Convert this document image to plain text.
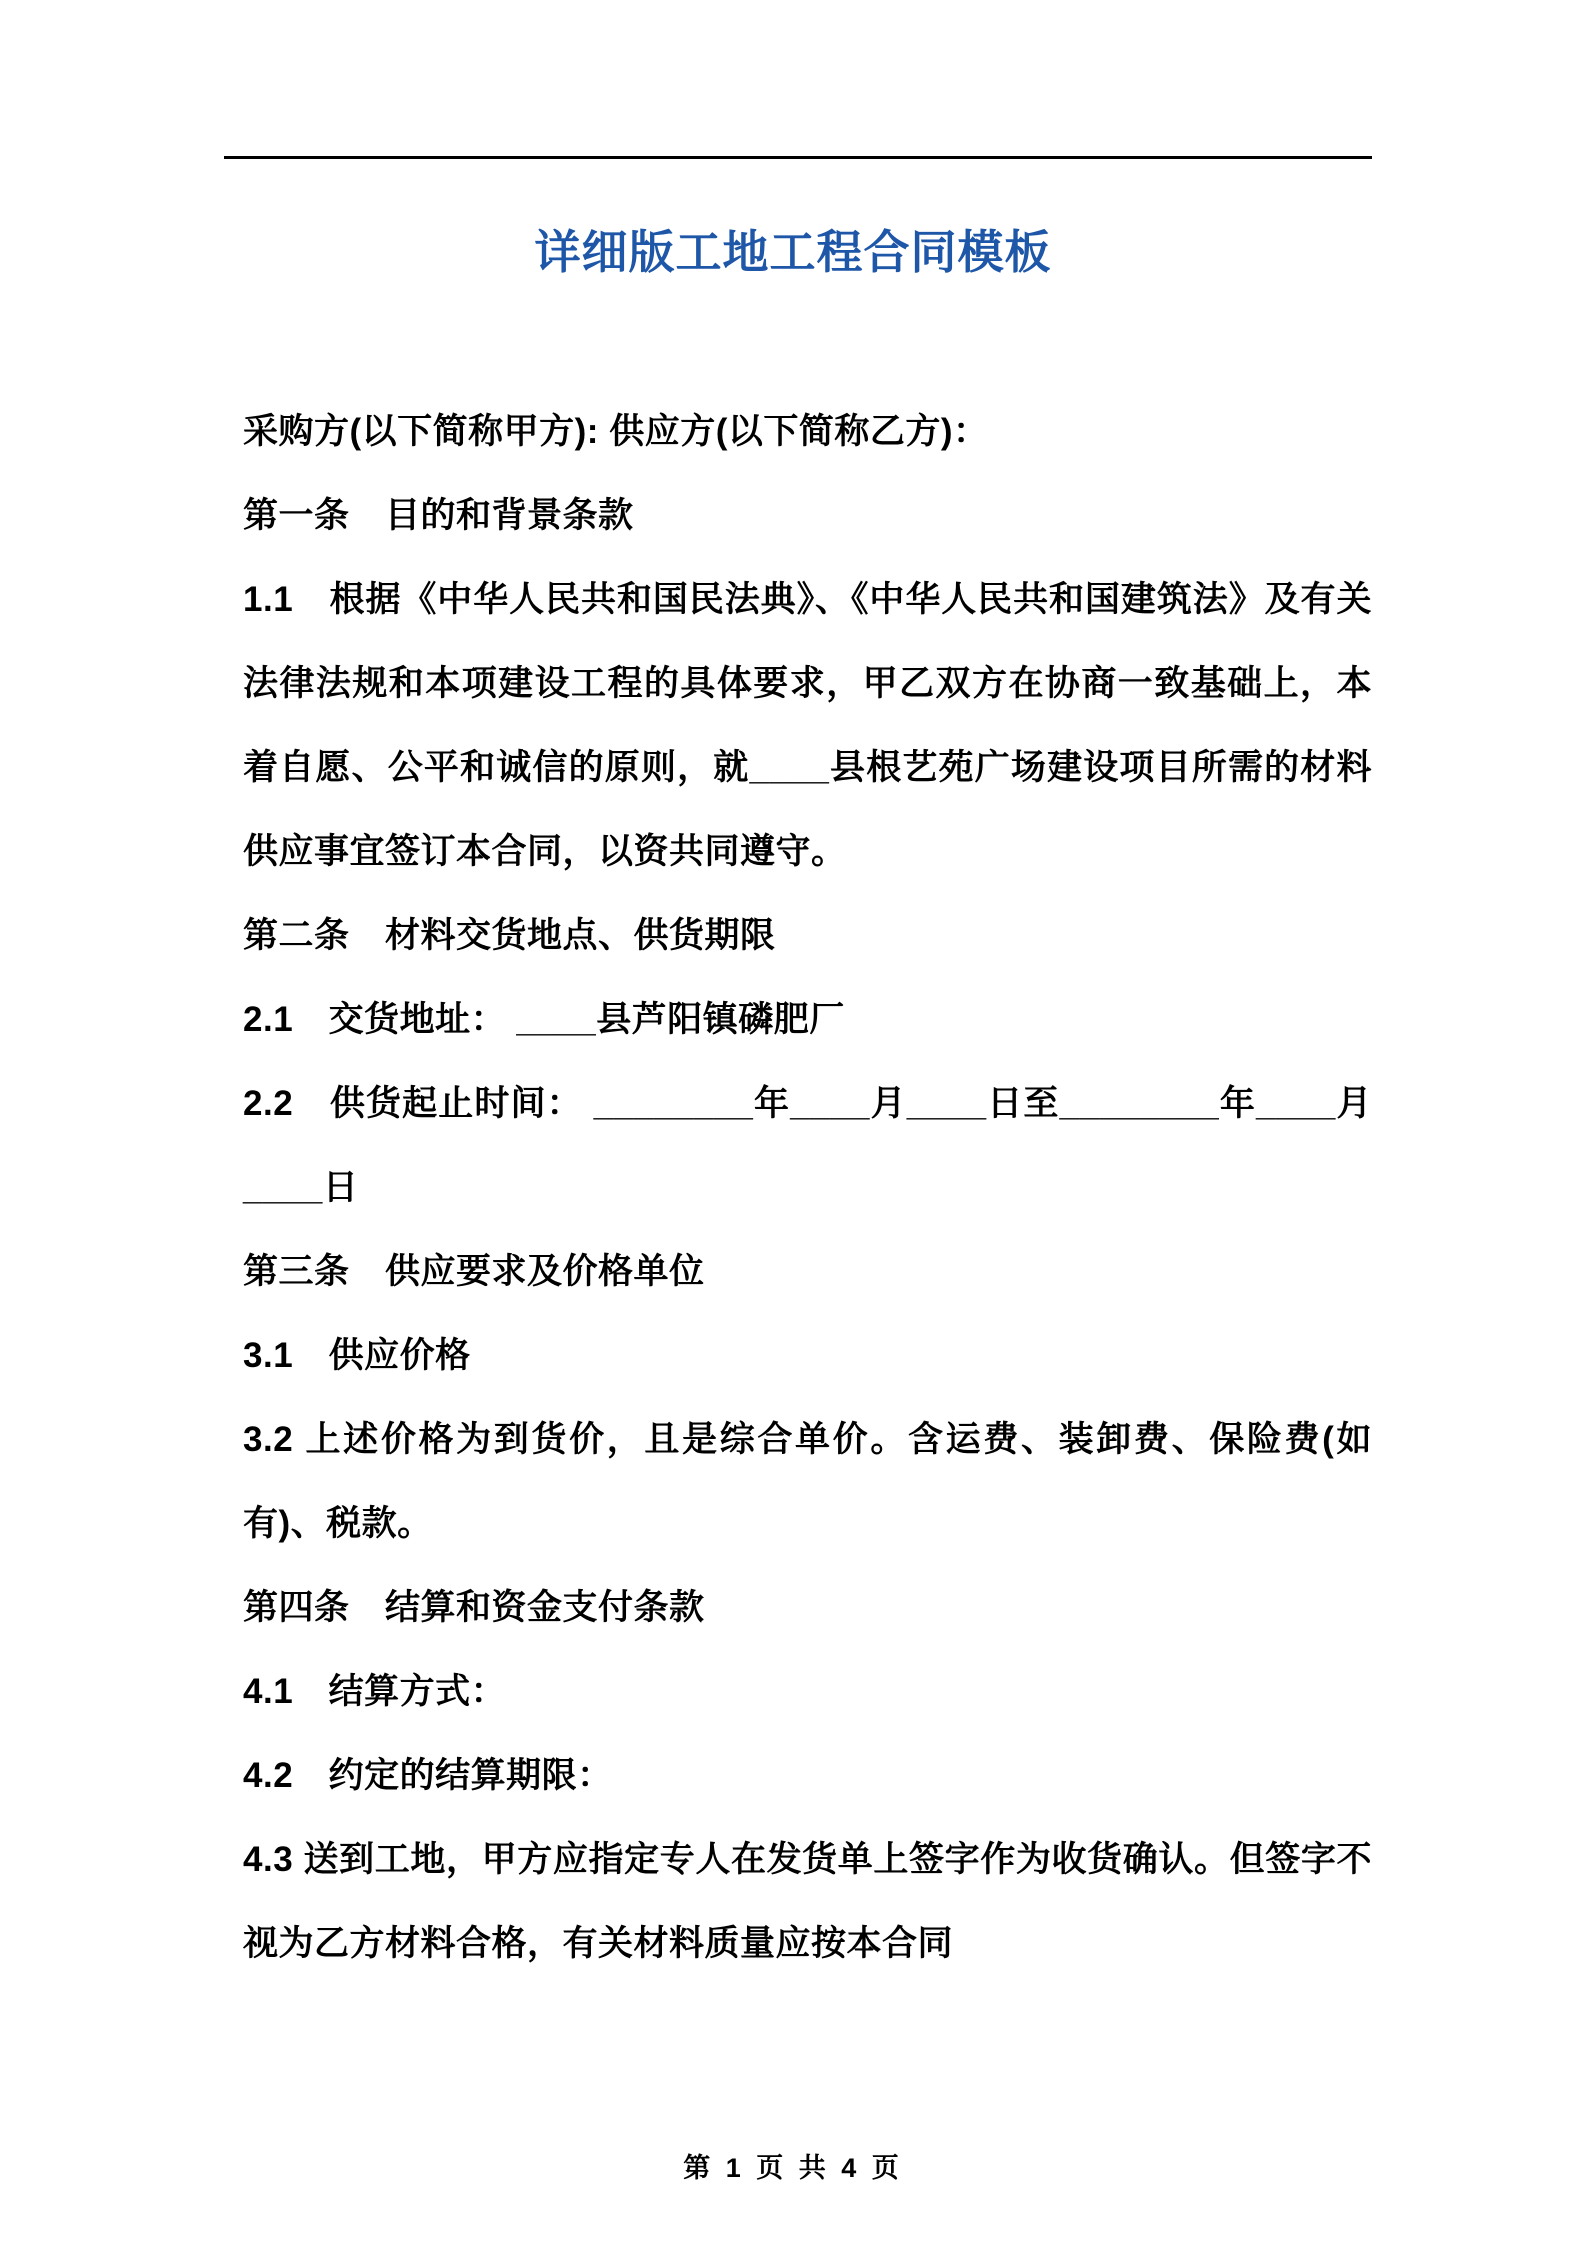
详细版工地工程合同模板

采购方(以下简称甲方): 供应方(以下简称乙方)：

第一条　目的和背景条款

1.1　根据《中华人民共和国民法典》、《中华人民共和国建筑法》及有关法律法规和本项建设工程的具体要求，甲乙双方在协商一致基础上，本着自愿、公平和诚信的原则，就____县根艺苑广场建设项目所需的材料供应事宜签订本合同，以资共同遵守。

第二条　材料交货地点、供货期限

2.1　交货地址： ____县芦阳镇磷肥厂

2.2　供货起止时间： ________年____月____日至________年____月____日

第三条　供应要求及价格单位

3.1　供应价格

3.2 上述价格为到货价，且是综合单价。含运费、装卸费、保险费(如有)、税款。

第四条　结算和资金支付条款

4.1　结算方式：

4.2　约定的结算期限：

4.3 送到工地，甲方应指定专人在发货单上签字作为收货确认。但签字不视为乙方材料合格，有关材料质量应按本合同

第 1 页 共 4 页
